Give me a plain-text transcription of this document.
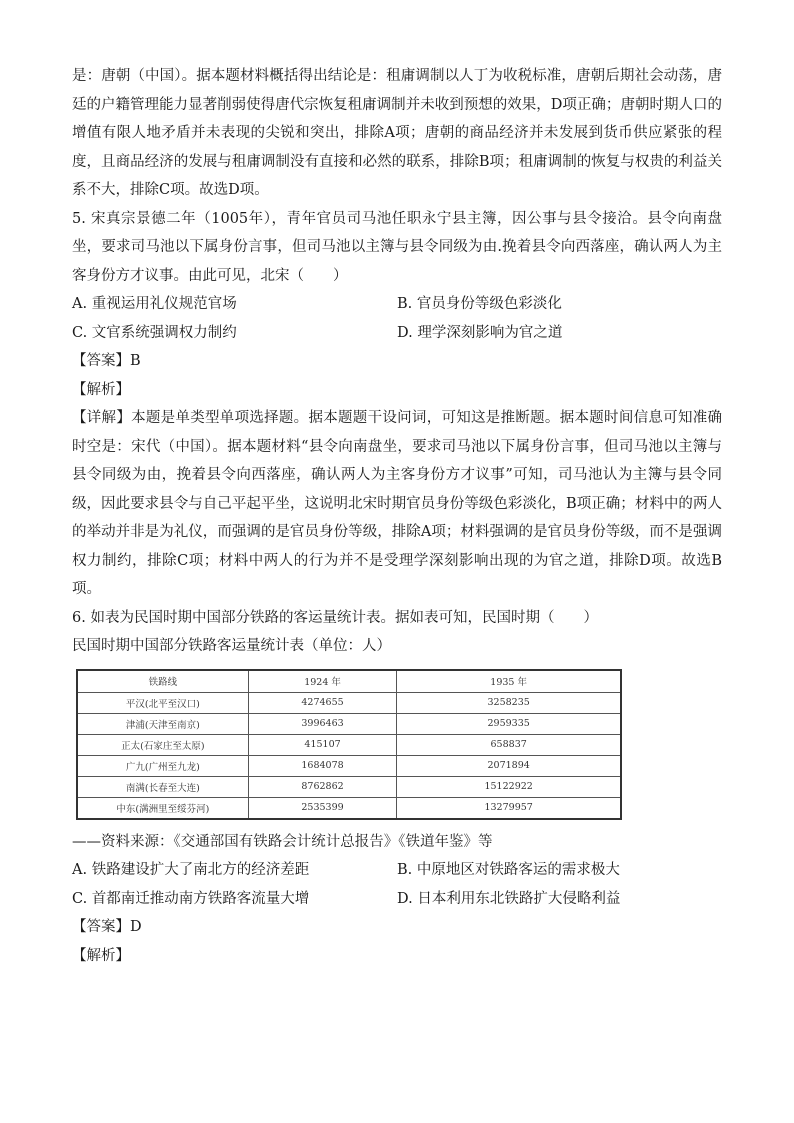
是：唐朝（中国）。据本题材料概括得出结论是：租庸调制以人丁为收税标准，唐朝后期社会动荡，唐廷的户籍管理能力显著削弱使得唐代宗恢复租庸调制并未收到预想的效果，D项正确；唐朝时期人口的增值有限人地矛盾并未表现的尖锐和突出，排除A项；唐朝的商品经济并未发展到货币供应紧张的程度，且商品经济的发展与租庸调制没有直接和必然的联系，排除B项；租庸调制的恢复与权贵的利益关系不大，排除C项。故选D项。

5. 宋真宗景德二年（1005年），青年官员司马池任职永宁县主簿，因公事与县令接洽。县令向南盘坐，要求司马池以下属身份言事，但司马池以主簿与县令同级为由.挽着县令向西落座，确认两人为主客身份方才议事。由此可见，北宋（　　）

A. 重视运用礼仪规范官场	B. 官员身份等级色彩淡化
C. 文官系统强调权力制约	D. 理学深刻影响为官之道
【答案】B
【解析】

【详解】本题是单类型单项选择题。据本题题干设问词，可知这是推断题。据本题时间信息可知准确时空是：宋代（中国）。据本题材料“县令向南盘坐，要求司马池以下属身份言事，但司马池以主簿与县令同级为由，挽着县令向西落座，确认两人为主客身份方才议事”可知，司马池认为主簿与县令同级，因此要求县令与自己平起平坐，这说明北宋时期官员身份等级色彩淡化，B项正确；材料中的两人的举动并非是为礼仪，而强调的是官员身份等级，排除A项；材料强调的是官员身份等级，而不是强调权力制约，排除C项；材料中两人的行为并不是受理学深刻影响出现的为官之道，排除D项。故选B项。

6. 如表为民国时期中国部分铁路的客运量统计表。据如表可知，民国时期（　　）

民国时期中国部分铁路客运量统计表（单位：人）

铁路线	1924 年	1935 年
平汉(北平至汉口)	4274655	3258235
津浦(天津至南京)	3996463	2959335
正太(石家庄至太原)	415107	658837
广九(广州至九龙)	1684078	2071894
南满(长春至大连)	8762862	15122922
中东(满洲里至绥芬河)	2535399	13279957

——资料来源：《交通部国有铁路会计统计总报告》《铁道年鉴》等

A. 铁路建设扩大了南北方的经济差距	B. 中原地区对铁路客运的需求极大
C. 首都南迁推动南方铁路客流量大增	D. 日本利用东北铁路扩大侵略利益
【答案】D
【解析】
